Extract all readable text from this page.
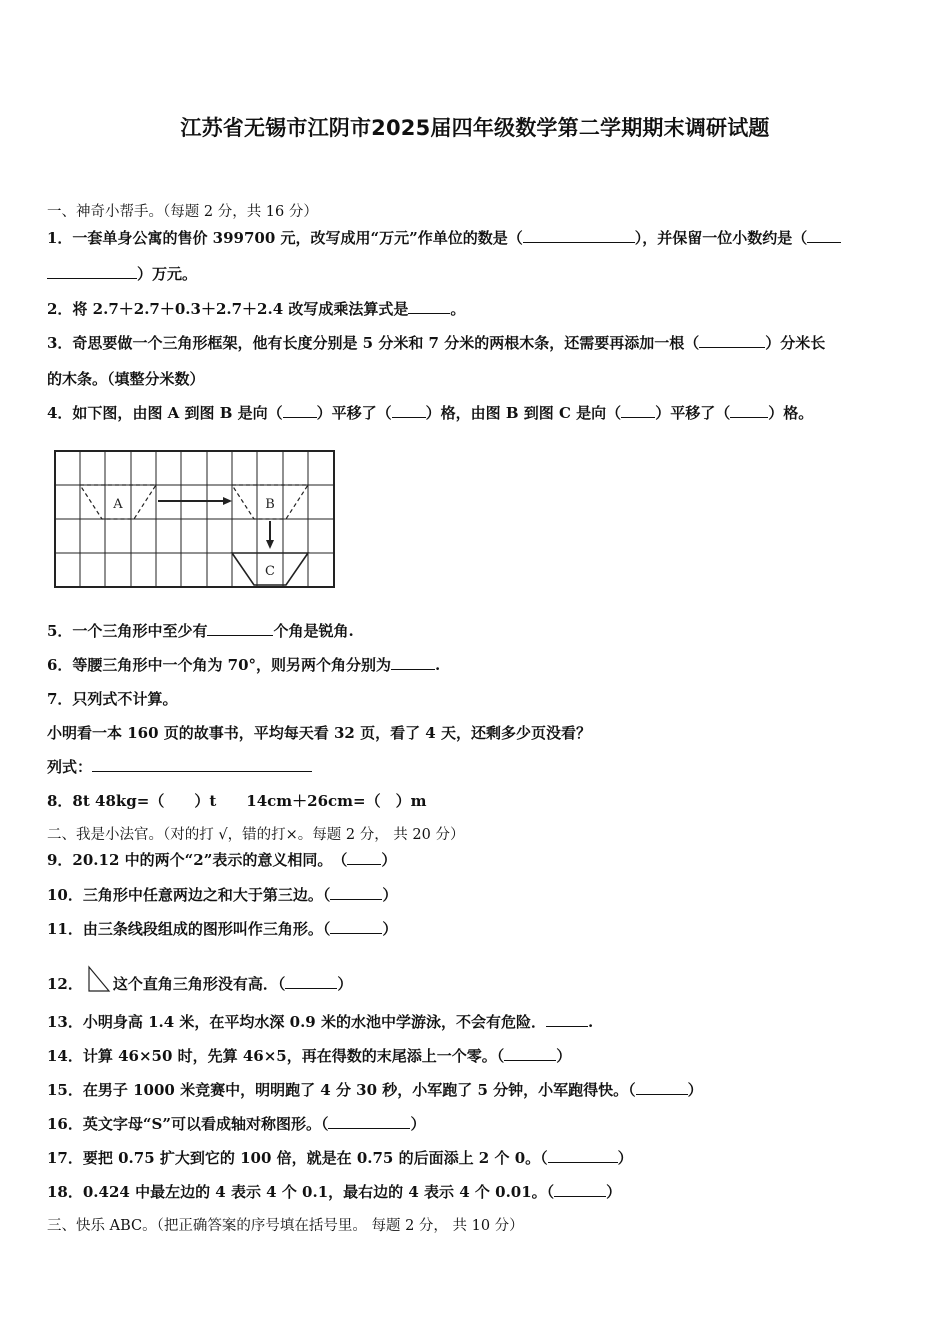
江苏省无锡市江阴市2025届四年级数学第二学期期末调研试题
一、神奇小帮手。（每题 2 分，共 16 分）
1．一套单身公寓的售价 399700 元，改写成用“万元”作单位的数是（	），并保留一位小数约是（
）万元。
2．将 2.7＋2.7＋0.3＋2.7＋2.4 改写成乘法算式是	。
3．奇思要做一个三角形框架，他有长度分别是 5 分米和 7 分米的两根木条，还需要再添加一根（	）分米长
的木条。（填整分米数）
4．如下图，由图 A 到图 B 是向（ ）平移了（ ）格，由图 B 到图 C 是向（ ）平移了（	）格。
A	B
C
5．一个三角形中至少有	个角是锐角.
6．等腰三角形中一个角为 70°，则另两个角分别为	.
7．只列式不计算。
小明看一本 160 页的故事书，平均每天看 32 页，看了 4 天，还剩多少页没看？
列式：
8．8t 48kg=（　　）t　　14cm＋26cm=（　）m
二、我是小法官。（对的打 √，错的打×。每题 2 分， 共 20 分）
9．20.12 中的两个“2”表示的意义相同。　（ ）
10．三角形中任意两边之和大于第三边。（	）
11．由三条线段组成的图形叫作三角形。（	）
12． 这个直角三角形没有高．（	）
13．小明身高 1.4 米，在平均水深 0.9 米的水池中学游泳，不会有危险．	.
14．计算 46×50 时，先算 46×5，再在得数的末尾添上一个零。（	）
15．在男子 1000 米竞赛中，明明跑了 4 分 30 秒，小军跑了 5 分钟，小军跑得快。（	）
16．英文字母“S”可以看成轴对称图形。（	）
17．要把 0.75 扩大到它的 100 倍，就是在 0.75 的后面添上 2 个 0。（	）
18．0.424 中最左边的 4 表示 4 个 0.1，最右边的 4 表示 4 个 0.01。（	）
三、快乐 ABC。（把正确答案的序号填在括号里。 每题 2 分， 共 10 分）
